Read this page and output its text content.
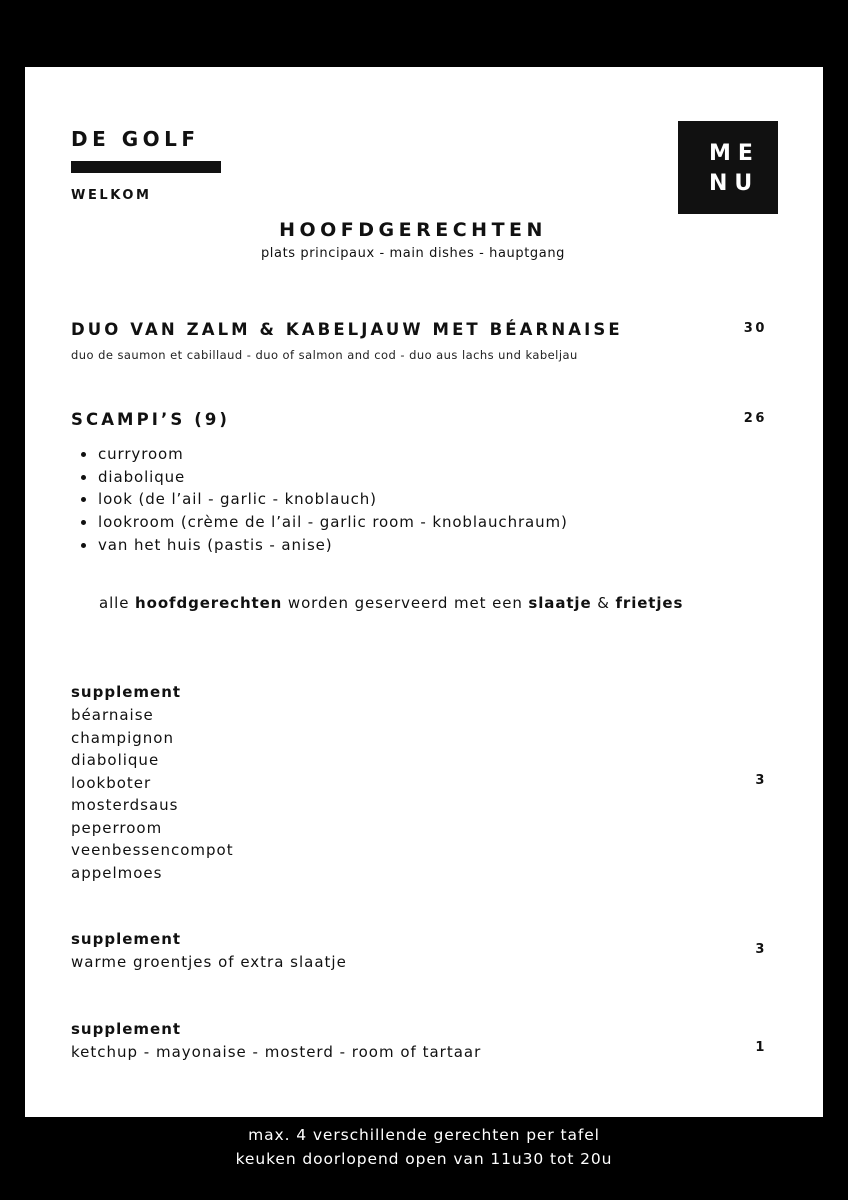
DE GOLF
WELKOM
ME
NU
HOOFDGERECHTEN
plats principaux - main dishes - hauptgang
DUO VAN ZALM & KABELJAUW MET BÉARNAISE
duo de saumon et cabillaud - duo of salmon and cod - duo aus lachs und kabeljau
30
SCAMPI’S (9)	26
curryroom
diabolique
look (de l’ail - garlic - knoblauch)
lookroom (crème de l’ail - garlic room - knoblauchraum)
van het huis (pastis - anise)
alle hoofdgerechten worden geserveerd met een slaatje & frietjes
supplement
béarnaise
champignon
diabolique
lookboter
mosterdsaus
peperroom
veenbessencompot
appelmoes
3
supplement
warme groentjes of extra slaatje
3
supplement
ketchup - mayonaise - mosterd - room of tartaar	1
max. 4 verschillende gerechten per tafel
keuken doorlopend open van 11u30 tot 20u
